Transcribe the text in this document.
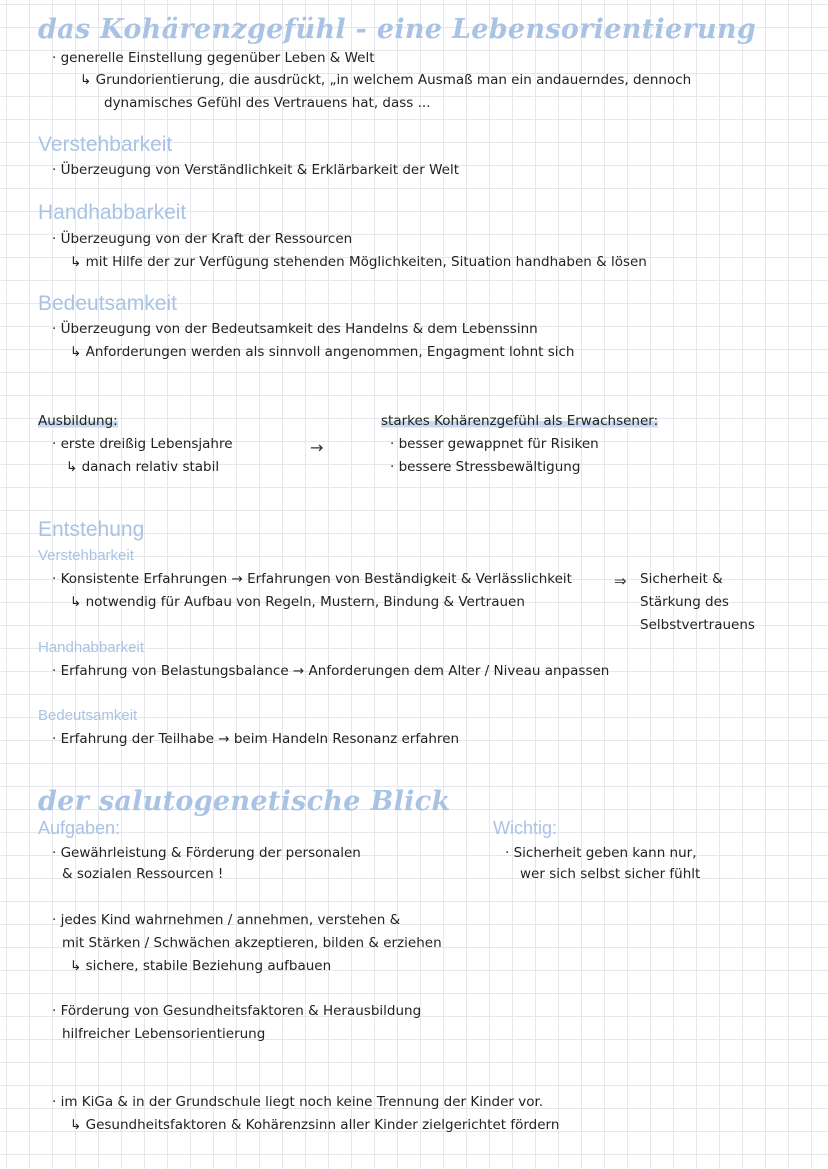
das Kohärenzgefühl - eine Lebensorientierung
· generelle Einstellung gegenüber Leben & Welt
↳ Grundorientierung, die ausdrückt, „in welchem Ausmaß man ein andauerndes, dennoch
dynamisches Gefühl des Vertrauens hat, dass ...
Verstehbarkeit
· Überzeugung von Verständlichkeit & Erklärbarkeit der Welt
Handhabbarkeit
· Überzeugung von der Kraft der Ressourcen
↳ mit Hilfe der zur Verfügung stehenden Möglichkeiten, Situation handhaben & lösen
Bedeutsamkeit
· Überzeugung von der Bedeutsamkeit des Handelns & dem Lebenssinn
↳ Anforderungen werden als sinnvoll angenommen, Engagment lohnt sich
Ausbildung:
· erste dreißig Lebensjahre
↳ danach relativ stabil
→
starkes Kohärenzgefühl als Erwachsener:
· besser gewappnet für Risiken
· bessere Stressbewältigung
Entstehung
Verstehbarkeit
· Konsistente Erfahrungen → Erfahrungen von Beständigkeit & Verlässlichkeit
↳ notwendig für Aufbau von Regeln, Mustern, Bindung & Vertrauen
⇒ Sicherheit &
Stärkung des
Selbstvertrauens
Handhabbarkeit
· Erfahrung von Belastungsbalance → Anforderungen dem Alter / Niveau anpassen
Bedeutsamkeit
· Erfahrung der Teilhabe → beim Handeln Resonanz erfahren
der salutogenetische Blick
Aufgaben:
· Gewährleistung & Förderung der personalen
& sozialen Ressourcen !
· jedes Kind wahrnehmen / annehmen, verstehen &
mit Stärken / Schwächen akzeptieren, bilden & erziehen
↳ sichere, stabile Beziehung aufbauen
· Förderung von Gesundheitsfaktoren & Herausbildung
hilfreicher Lebensorientierung
· im KiGa & in der Grundschule liegt noch keine Trennung der Kinder vor.
↳ Gesundheitsfaktoren & Kohärenzsinn aller Kinder zielgerichtet fördern
Wichtig:
· Sicherheit geben kann nur,
wer sich selbst sicher fühlt
